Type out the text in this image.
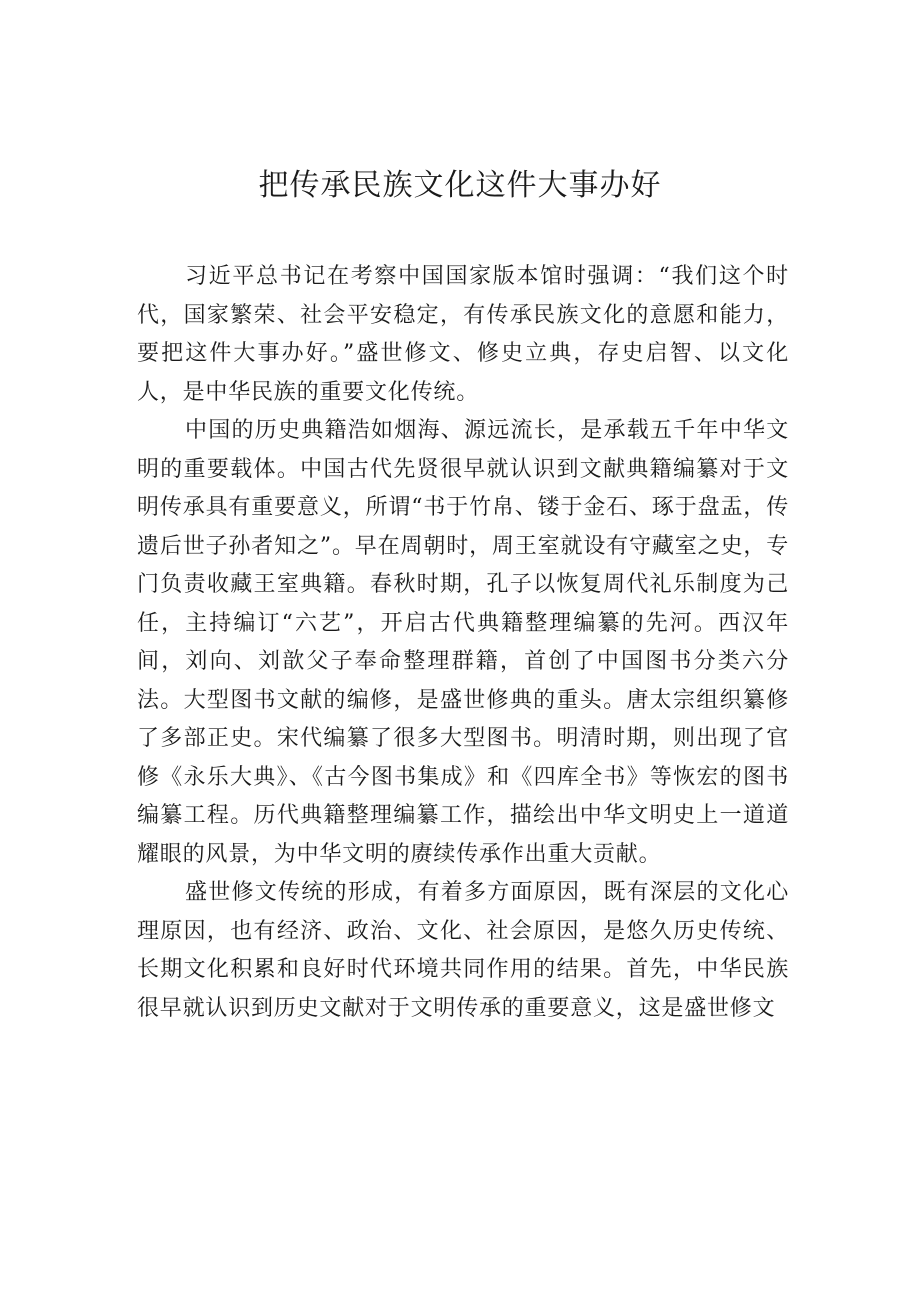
把传承民族文化这件大事办好

习近平总书记在考察中国国家版本馆时强调：“我们这个时代，国家繁荣、社会平安稳定，有传承民族文化的意愿和能力，要把这件大事办好。”盛世修文、修史立典，存史启智、以文化人，是中华民族的重要文化传统。

中国的历史典籍浩如烟海、源远流长，是承载五千年中华文明的重要载体。中国古代先贤很早就认识到文献典籍编纂对于文明传承具有重要意义，所谓“书于竹帛、镂于金石、琢于盘盂，传遗后世子孙者知之”。早在周朝时，周王室就设有守藏室之史，专门负责收藏王室典籍。春秋时期，孔子以恢复周代礼乐制度为己任，主持编订“六艺”，开启古代典籍整理编纂的先河。西汉年间，刘向、刘歆父子奉命整理群籍，首创了中国图书分类六分法。大型图书文献的编修，是盛世修典的重头。唐太宗组织纂修了多部正史。宋代编纂了很多大型图书。明清时期，则出现了官修《永乐大典》、《古今图书集成》和《四库全书》等恢宏的图书编纂工程。历代典籍整理编纂工作，描绘出中华文明史上一道道耀眼的风景，为中华文明的赓续传承作出重大贡献。

盛世修文传统的形成，有着多方面原因，既有深层的文化心理原因，也有经济、政治、文化、社会原因，是悠久历史传统、长期文化积累和良好时代环境共同作用的结果。首先，中华民族很早就认识到历史文献对于文明传承的重要意义，这是盛世修文
